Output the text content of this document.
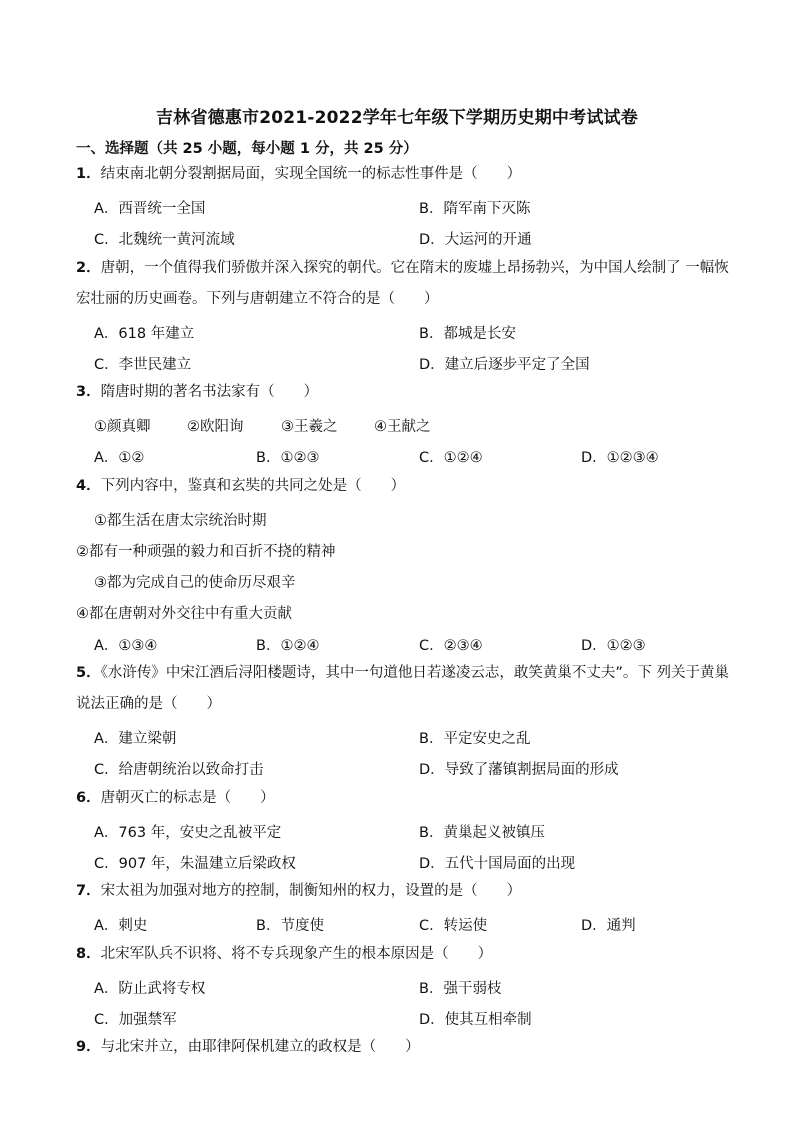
吉林省德惠市2021-2022学年七年级下学期历史期中考试试卷
一、选择题（共 25 小题，每小题 1 分，共 25 分）
1．结束南北朝分裂割据局面，实现全国统一的标志性事件是（　　）
A．西晋统一全国	B．隋军南下灭陈
C．北魏统一黄河流域	D．大运河的开通
2．唐朝，一个值得我们骄傲并深入探究的朝代。它在隋末的废墟上昂扬勃兴，为中国人绘制了 一幅恢
宏壮丽的历史画卷。下列与唐朝建立不符合的是（　　）
A．618 年建立	B．都城是长安
C．李世民建立	D．建立后逐步平定了全国
3．隋唐时期的著名书法家有（　　）
①颜真卿	②欧阳询	③王羲之	④王献之
A．①②	B．①②③	C．①②④	D．①②③④
4．下列内容中，鉴真和玄奘的共同之处是（　　）
①都生活在唐太宗统治时期
②都有一种顽强的毅力和百折不挠的精神
③都为完成自己的使命历尽艰辛
④都在唐朝对外交往中有重大贡献
A．①③④	B．①②④	C．②③④	D．①②③
5．《水浒传》中宋江酒后浔阳楼题诗，其中一句道他日若遂凌云志，敢笑黄巢不丈夫”。下 列关于黄巢
说法正确的是（　　）
A．建立梁朝	B．平定安史之乱
C．给唐朝统治以致命打击	D．导致了藩镇割据局面的形成
6．唐朝灭亡的标志是（　　）
A．763 年，安史之乱被平定	B．黄巢起义被镇压
C．907 年，朱温建立后梁政权	D．五代十国局面的出现
7．宋太祖为加强对地方的控制，制衡知州的权力，设置的是（　　）
A．刺史	B．节度使	C．转运使	D．通判
8．北宋军队兵不识将、将不专兵现象产生的根本原因是（　　）
A．防止武将专权	B．强干弱枝
C．加强禁军	D．使其互相牵制
9．与北宋并立，由耶律阿保机建立的政权是（　　）
